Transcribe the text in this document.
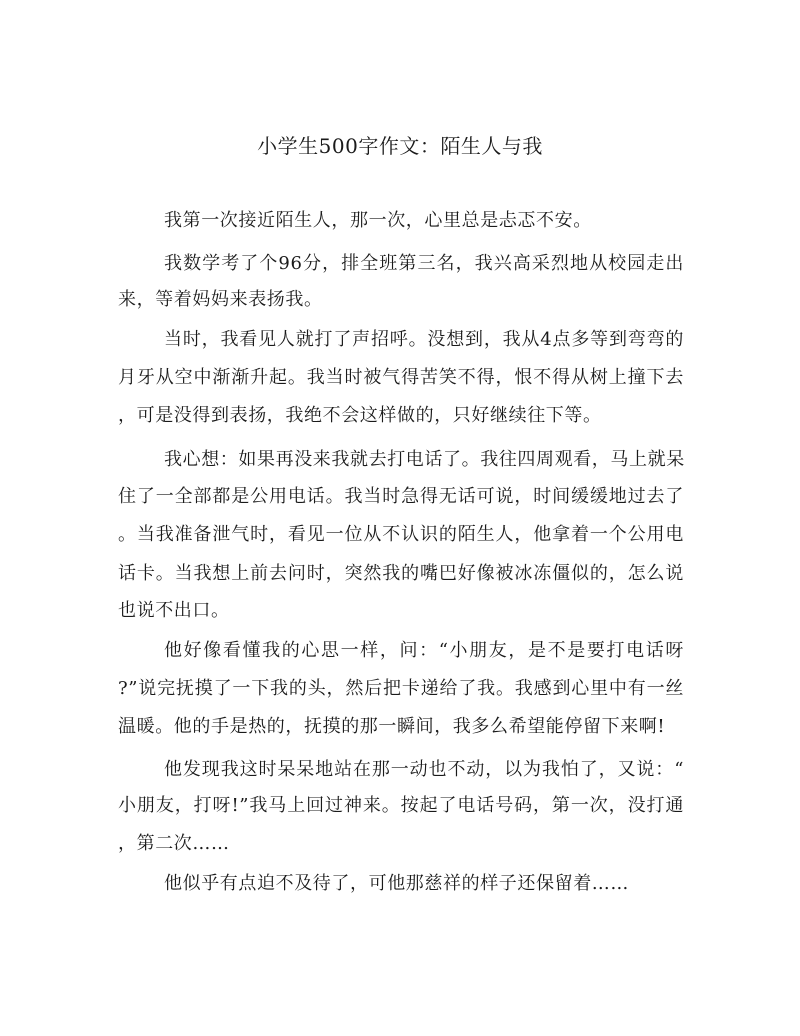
小学生500字作文：陌生人与我
我第一次接近陌生人，那一次，心里总是忐忑不安。
我数学考了个96分，排全班第三名，我兴高采烈地从校园走出
来，等着妈妈来表扬我。
当时，我看见人就打了声招呼。没想到，我从4点多等到弯弯的
月牙从空中渐渐升起。我当时被气得苦笑不得，恨不得从树上撞下去
，可是没得到表扬，我绝不会这样做的，只好继续往下等。
我心想：如果再没来我就去打电话了。我往四周观看，马上就呆
住了一全部都是公用电话。我当时急得无话可说，时间缓缓地过去了
。当我准备泄气时，看见一位从不认识的陌生人，他拿着一个公用电
话卡。当我想上前去问时，突然我的嘴巴好像被冰冻僵似的，怎么说
也说不出口。
他好像看懂我的心思一样，问：“小朋友，是不是要打电话呀
?”说完抚摸了一下我的头，然后把卡递给了我。我感到心里中有一丝
温暖。他的手是热的，抚摸的那一瞬间，我多么希望能停留下来啊!
他发现我这时呆呆地站在那一动也不动，以为我怕了，又说：“
小朋友，打呀!”我马上回过神来。按起了电话号码，第一次，没打通
，第二次……
他似乎有点迫不及待了，可他那慈祥的样子还保留着……
